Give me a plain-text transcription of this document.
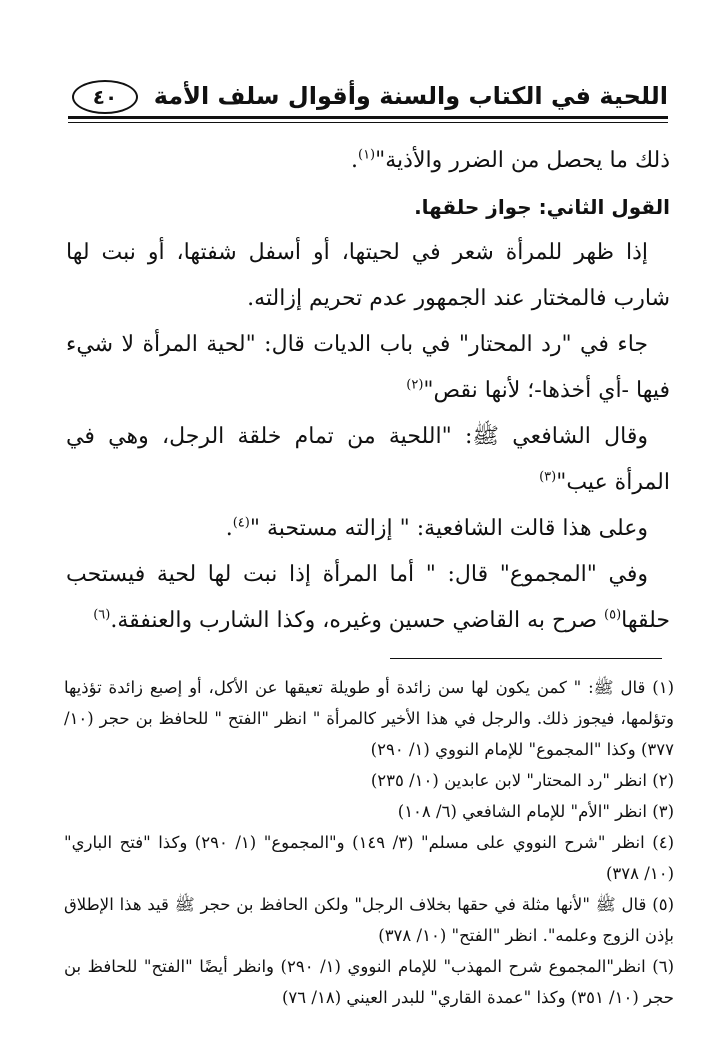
اللحية في الكتاب والسنة وأقوال سلف الأمة
٤٠

ذلك ما يحصل من الضرر والأذية"$^{(١)}$.

القول الثاني: جواز حلقها.

إذا ظهر للمرأة شعر في لحيتها، أو أسفل شفتها، أو نبت لها شارب فالمختار عند الجمهور عدم تحريم إزالته.

جاء في "رد المحتار" في باب الديات قال: "لحية المرأة لا شيء فيها -أي أخذها-؛ لأنها نقص"$^{(٢)}$

وقال الشافعي ﷺ: "اللحية من تمام خلقة الرجل، وهي في المرأة عيب"$^{(٣)}$

وعلى هذا قالت الشافعية: " إزالته مستحبة "$^{(٤)}$.

وفي "المجموع" قال: " أما المرأة إذا نبت لها لحية فيستحب حلقها$^{(٥)}$ صرح به القاضي حسين وغيره، وكذا الشارب والعنفقة.$^{(٦)}$

(١) قال ﷺ: " كمن يكون لها سن زائدة أو طويلة تعيقها عن الأكل، أو إصبع زائدة تؤذيها وتؤلمها، فيجوز ذلك. والرجل في هذا الأخير كالمرأة " انظر "الفتح " للحافظ بن حجر (١٠/ ٣٧٧) وكذا "المجموع" للإمام النووي (١/ ٢٩٠)

(٢) انظر "رد المحتار" لابن عابدين (١٠/ ٢٣٥)

(٣) انظر "الأم" للإمام الشافعي (٦/ ١٠٨)

(٤) انظر "شرح النووي على مسلم" (٣/ ١٤٩) و"المجموع" (١/ ٢٩٠) وكذا "فتح الباري" (١٠/ ٣٧٨)

(٥) قال ﷺ "لأنها مثلة في حقها بخلاف الرجل" ولكن الحافظ بن حجر ﷺ قيد هذا الإطلاق بإذن الزوج وعلمه". انظر "الفتح" (١٠/ ٣٧٨)

(٦) انظر"المجموع شرح المهذب" للإمام النووي (١/ ٢٩٠) وانظر أيضًا "الفتح" للحافظ بن حجر (١٠/ ٣٥١) وكذا "عمدة القاري" للبدر العيني (١٨/ ٧٦)
